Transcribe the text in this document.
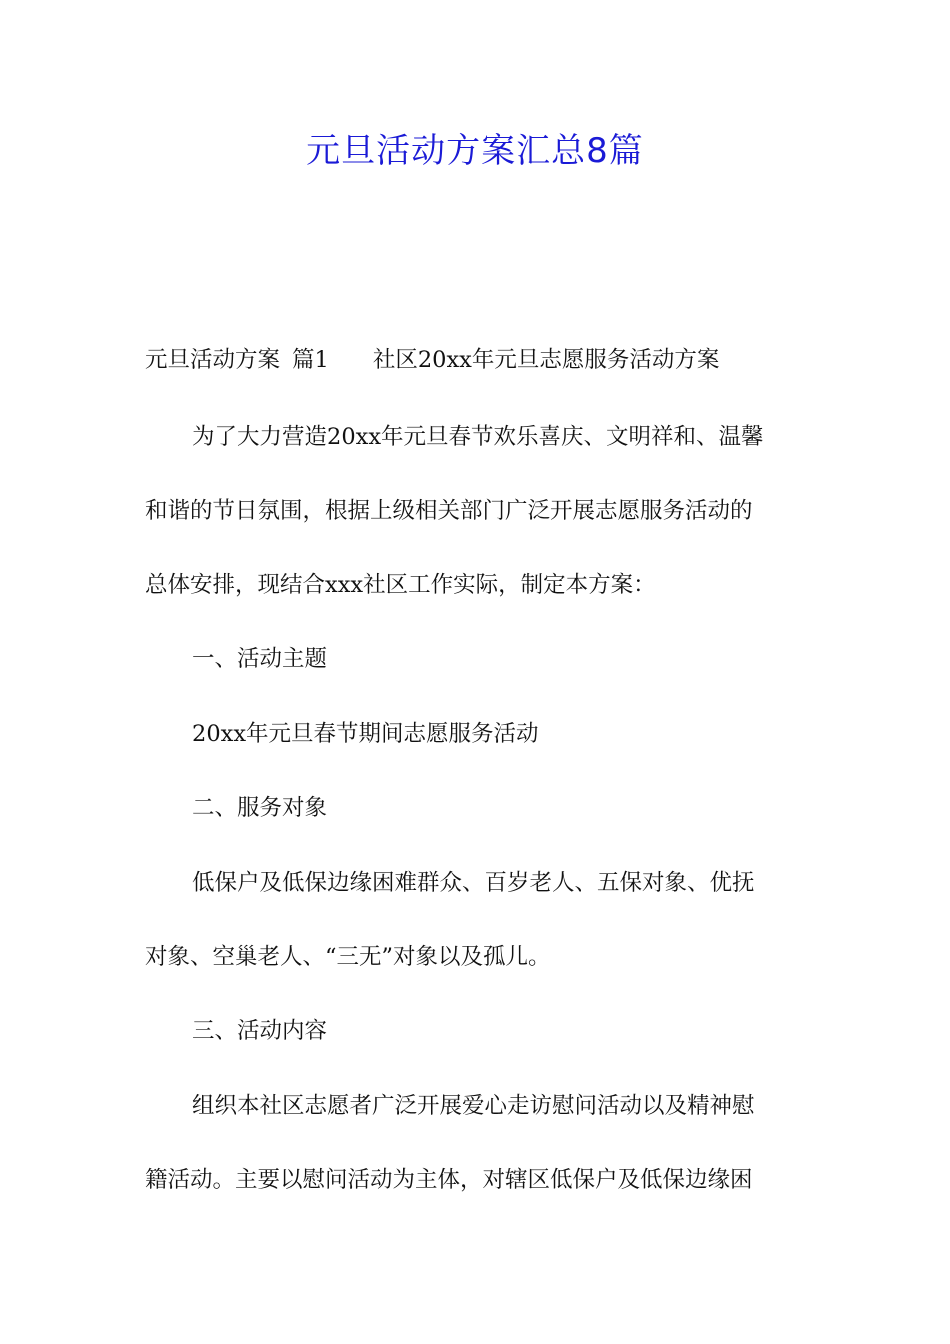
元旦活动方案汇总8篇
元旦活动方案 篇1 社区20xx年元旦志愿服务活动方案
为了大力营造20xx年元旦春节欢乐喜庆、文明祥和、温馨
和谐的节日氛围，根据上级相关部门广泛开展志愿服务活动的
总体安排，现结合xxx社区工作实际，制定本方案：
一、活动主题
20xx年元旦春节期间志愿服务活动
二、服务对象
低保户及低保边缘困难群众、百岁老人、五保对象、优抚
对象、空巢老人、“三无”对象以及孤儿。
三、活动内容
组织本社区志愿者广泛开展爱心走访慰问活动以及精神慰
籍活动。主要以慰问活动为主体，对辖区低保户及低保边缘困
